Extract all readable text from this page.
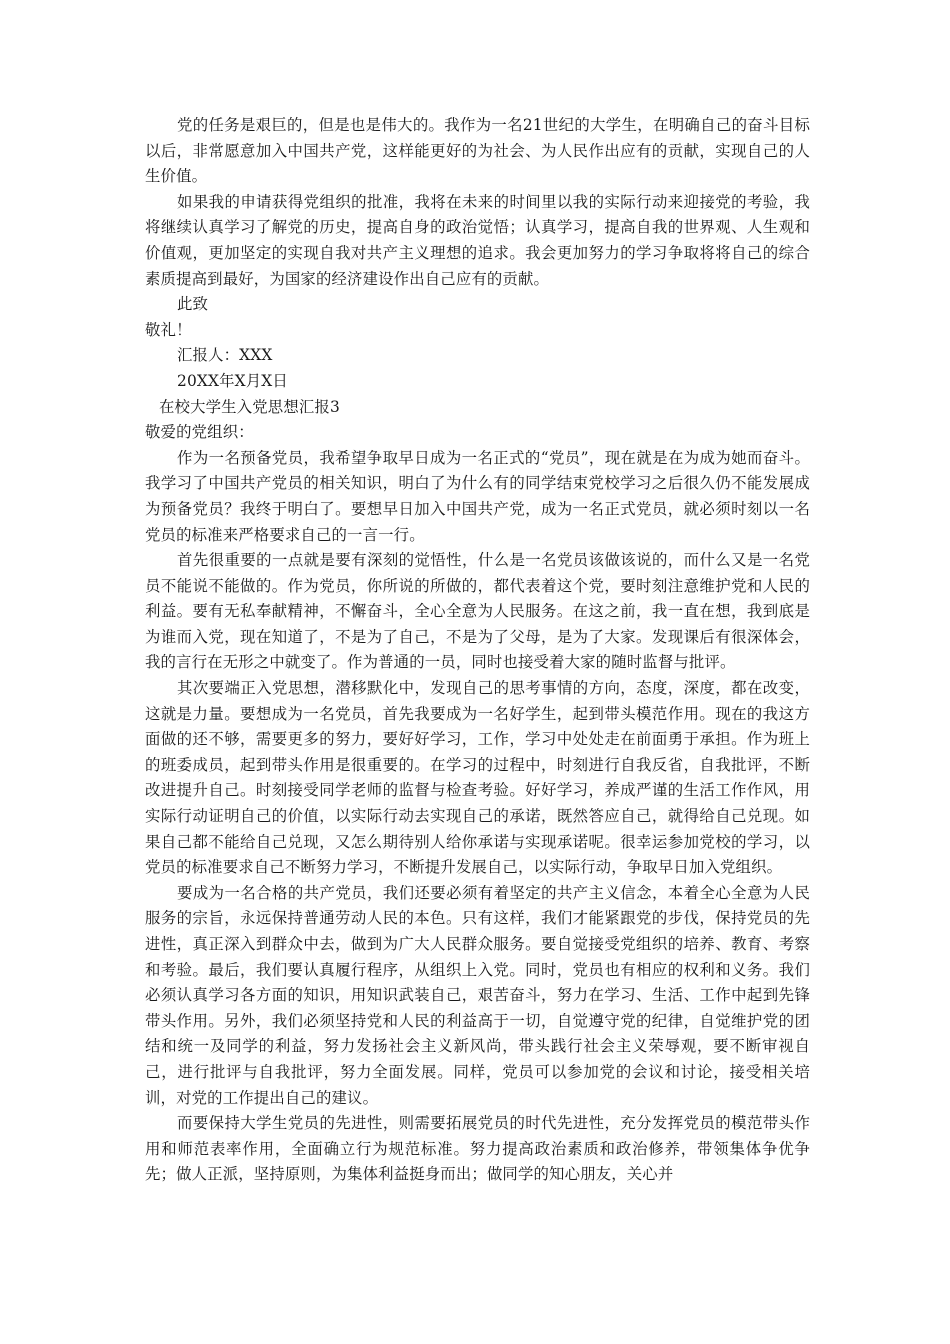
党的任务是艰巨的，但是也是伟大的。我作为一名21世纪的大学生，在明确自己的奋斗目标以后，非常愿意加入中国共产党，这样能更好的为社会、为人民作出应有的贡献，实现自己的人生价值。

如果我的申请获得党组织的批准，我将在未来的时间里以我的实际行动来迎接党的考验，我将继续认真学习了解党的历史，提高自身的政治觉悟；认真学习，提高自我的世界观、人生观和价值观，更加坚定的实现自我对共产主义理想的追求。我会更加努力的学习争取将将自己的综合素质提高到最好，为国家的经济建设作出自己应有的贡献。

此致

敬礼！

汇报人：XXX

20XX年X月X日

在校大学生入党思想汇报3

敬爱的党组织：

作为一名预备党员，我希望争取早日成为一名正式的“党员”，现在就是在为成为她而奋斗。我学习了中国共产党员的相关知识，明白了为什么有的同学结束党校学习之后很久仍不能发展成为预备党员？我终于明白了。要想早日加入中国共产党，成为一名正式党员，就必须时刻以一名党员的标准来严格要求自己的一言一行。

首先很重要的一点就是要有深刻的觉悟性，什么是一名党员该做该说的，而什么又是一名党员不能说不能做的。作为党员，你所说的所做的，都代表着这个党，要时刻注意维护党和人民的利益。要有无私奉献精神，不懈奋斗，全心全意为人民服务。在这之前，我一直在想，我到底是为谁而入党，现在知道了，不是为了自己，不是为了父母，是为了大家。发现课后有很深体会，我的言行在无形之中就变了。作为普通的一员，同时也接受着大家的随时监督与批评。

其次要端正入党思想，潜移默化中，发现自己的思考事情的方向，态度，深度，都在改变，这就是力量。要想成为一名党员，首先我要成为一名好学生，起到带头模范作用。现在的我这方面做的还不够，需要更多的努力，要好好学习，工作，学习中处处走在前面勇于承担。作为班上的班委成员，起到带头作用是很重要的。在学习的过程中，时刻进行自我反省，自我批评，不断改进提升自己。时刻接受同学老师的监督与检查考验。好好学习，养成严谨的生活工作作风，用实际行动证明自己的价值，以实际行动去实现自己的承诺，既然答应自己，就得给自己兑现。如果自己都不能给自己兑现，又怎么期待别人给你承诺与实现承诺呢。很幸运参加党校的学习，以党员的标准要求自己不断努力学习，不断提升发展自己，以实际行动，争取早日加入党组织。

要成为一名合格的共产党员，我们还要必须有着坚定的共产主义信念，本着全心全意为人民服务的宗旨，永远保持普通劳动人民的本色。只有这样，我们才能紧跟党的步伐，保持党员的先进性，真正深入到群众中去，做到为广大人民群众服务。要自觉接受党组织的培养、教育、考察和考验。最后，我们要认真履行程序，从组织上入党。同时，党员也有相应的权利和义务。我们必须认真学习各方面的知识，用知识武装自己，艰苦奋斗，努力在学习、生活、工作中起到先锋带头作用。另外，我们必须坚持党和人民的利益高于一切，自觉遵守党的纪律，自觉维护党的团结和统一及同学的利益，努力发扬社会主义新风尚，带头践行社会主义荣辱观，要不断审视自己，进行批评与自我批评，努力全面发展。同样，党员可以参加党的会议和讨论，接受相关培训，对党的工作提出自己的建议。

而要保持大学生党员的先进性，则需要拓展党员的时代先进性，充分发挥党员的模范带头作用和师范表率作用，全面确立行为规范标准。努力提高政治素质和政治修养，带领集体争优争先；做人正派，坚持原则，为集体利益挺身而出；做同学的知心朋友，关心并
